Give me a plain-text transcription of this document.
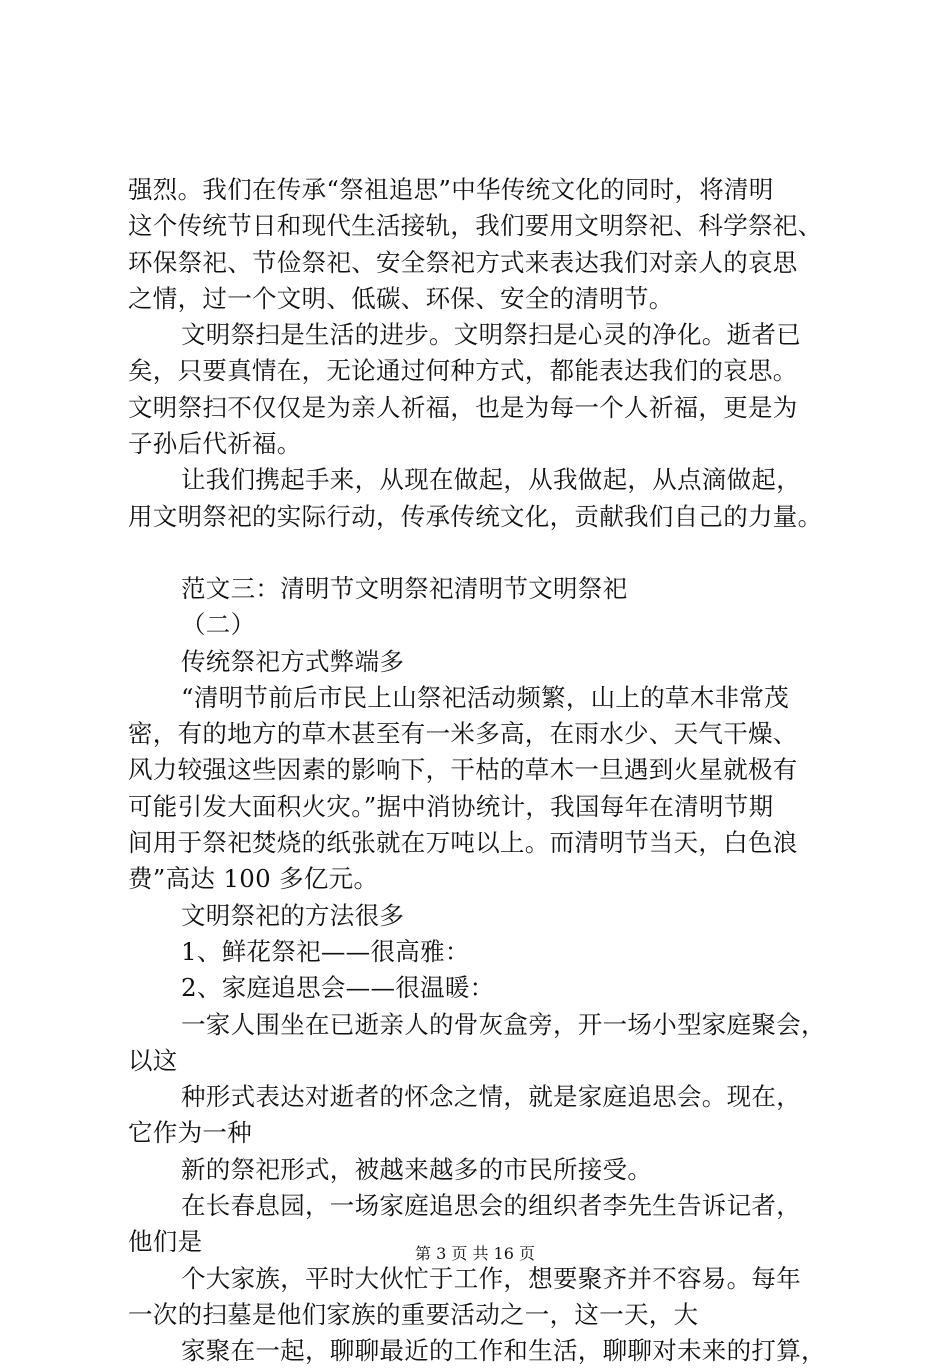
强烈。我们在传承“祭祖追思”中华传统文化的同时，将清明
这个传统节日和现代生活接轨，我们要用文明祭祀、科学祭祀、
环保祭祀、节俭祭祀、安全祭祀方式来表达我们对亲人的哀思
之情，过一个文明、低碳、环保、安全的清明节。
文明祭扫是生活的进步。文明祭扫是心灵的净化。逝者已
矣，只要真情在，无论通过何种方式，都能表达我们的哀思。
文明祭扫不仅仅是为亲人祈福，也是为每一个人祈福，更是为
子孙后代祈福。
让我们携起手来，从现在做起，从我做起，从点滴做起，
用文明祭祀的实际行动，传承传统文化，贡献我们自己的力量。
范文三：清明节文明祭祀清明节文明祭祀
（二）
传统祭祀方式弊端多
“清明节前后市民上山祭祀活动频繁，山上的草木非常茂
密，有的地方的草木甚至有一米多高，在雨水少、天气干燥、
风力较强这些因素的影响下，干枯的草木一旦遇到火星就极有
可能引发大面积火灾。”据中消协统计，我国每年在清明节期
间用于祭祀焚烧的纸张就在万吨以上。而清明节当天，白色浪
费”高达 100 多亿元。
文明祭祀的方法很多
1、鲜花祭祀——很高雅：
2、家庭追思会——很温暖：
一家人围坐在已逝亲人的骨灰盒旁，开一场小型家庭聚会，
以这
种形式表达对逝者的怀念之情，就是家庭追思会。现在，
它作为一种
新的祭祀形式，被越来越多的市民所接受。
在长春息园，一场家庭追思会的组织者李先生告诉记者，
他们是
个大家族，平时大伙忙于工作，想要聚齐并不容易。每年
一次的扫墓是他们家族的重要活动之一，这一天，大
家聚在一起，聊聊最近的工作和生活，聊聊对未来的打算，
第 3 页 共 16 页
